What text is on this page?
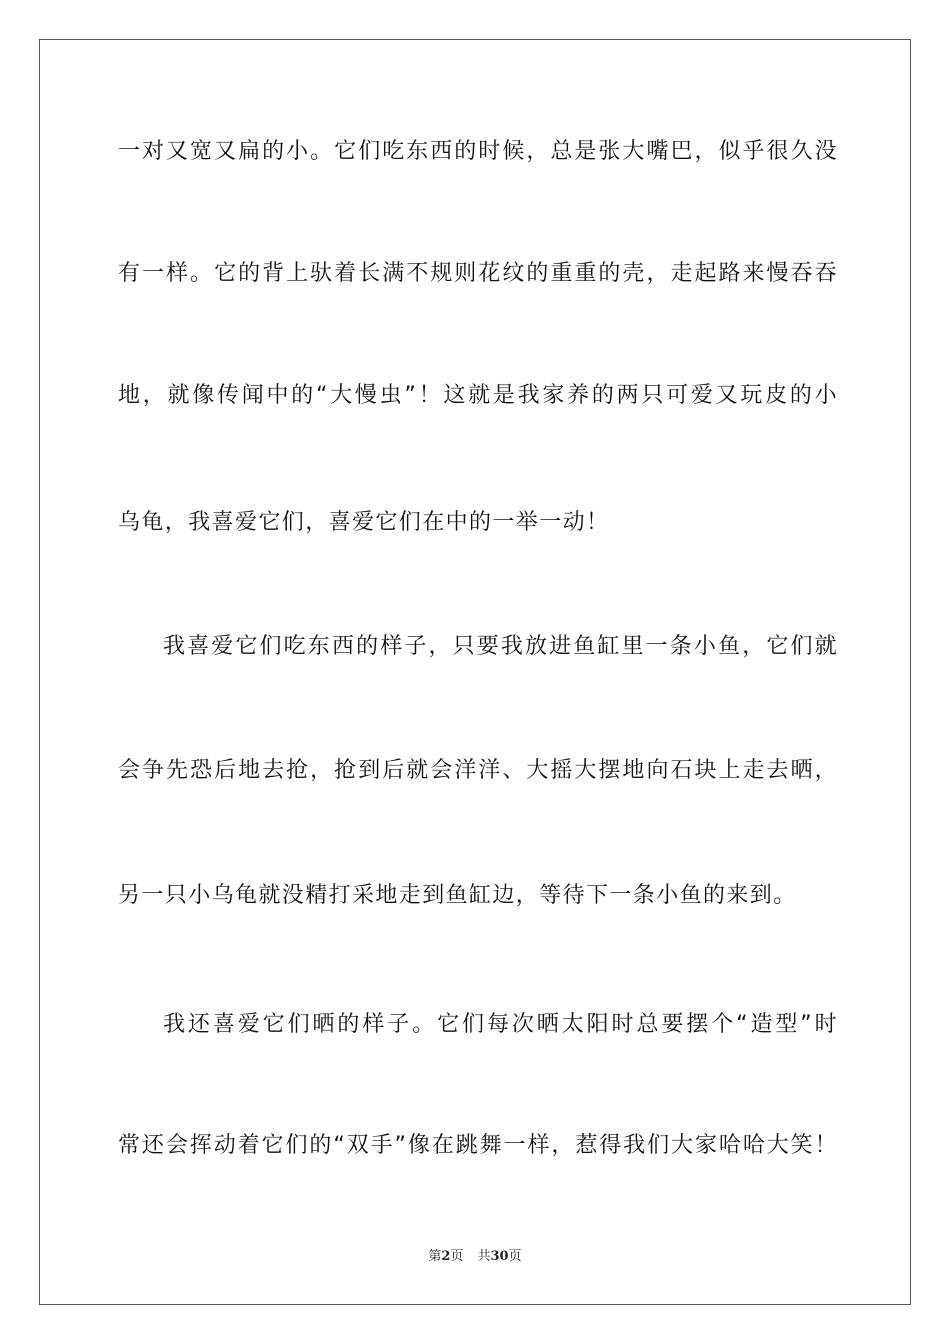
一对又宽又扁的小。它们吃东西的时候，总是张大嘴巴，似乎很久没
有一样。它的背上驮着长满不规则花纹的重重的壳，走起路来慢吞吞
地，就像传闻中的“大慢虫”！这就是我家养的两只可爱又玩皮的小
乌龟，我喜爱它们，喜爱它们在中的一举一动！
我喜爱它们吃东西的样子，只要我放进鱼缸里一条小鱼，它们就
会争先恐后地去抢，抢到后就会洋洋、大摇大摆地向石块上走去晒，
另一只小乌龟就没精打采地走到鱼缸边，等待下一条小鱼的来到。
我还喜爱它们晒的样子。它们每次晒太阳时总要摆个“造型”时
常还会挥动着它们的“双手”像在跳舞一样，惹得我们大家哈哈大笑！
第2页 共30页
